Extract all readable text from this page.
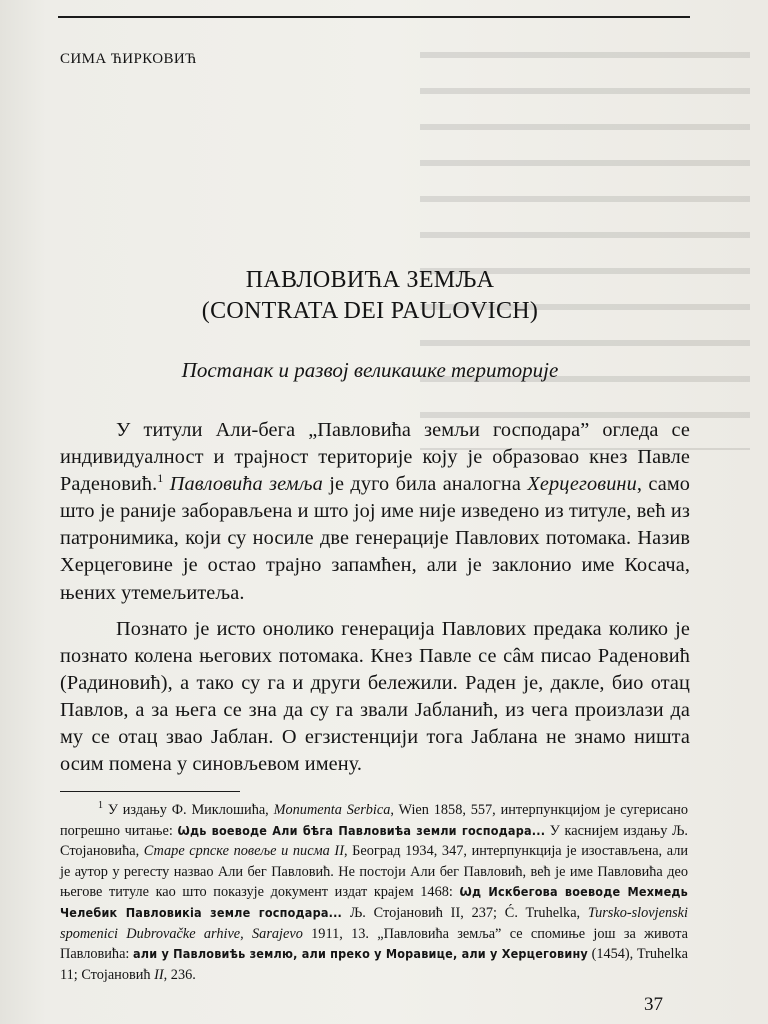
СИМА ЋИРКОВИЋ

ПАВЛОВИЋА ЗЕМЉА
(CONTRATA DEI PAULOVICH)

Постанак и развој великашке територије

У титули Али-бега „Павловића земљи господара” огледа се индивидуалност и трајност територије коју је образовао кнез Павле Раденовић.$^1$ Павловића земља је дуго била аналогна Херцеговини, само што је раније заборављена и што јој име није изведено из титуле, већ из патронимика, који су носиле две генерације Павлових потомака. Назив Херцеговине је остао трајно запамћен, али је заклонио име Косача, њених утемељитеља.

Познато је исто онолико генерација Павлових предака колико је познато колена његових потомака. Кнез Павле се сâм писао Раденовић (Радиновић), а тако су га и други бележили. Раден је, дакле, био отац Павлов, а за њега се зна да су га звали Јабланић, из чега произлази да му се отац звао Јаблан. О егзистенцији тога Јаблана не знамо ништа осим помена у синовљевом имену.

$^1$ У издању Ф. Миклошића, Monumenta Serbica, Wien 1858, 557, интерпункцијом је сугерисано погрешно читање: Ѡдь воеводе Али бѣга Павловиѣа земли господара... У каснијем издању Љ. Стојановића, Старе српске повеље и писма II, Београд 1934, 347, интерпункција је изостављена, али је аутор у регесту назвао Али бег Павловић. Не постоји Али бег Павловић, већ је име Павловића део његове титуле као што показује документ издат крајем 1468: Ѡд Искбегова воеводе Мехмедь Челебик Павловикіа земле господара... Љ. Стојановић II, 237; Ć. Truhelka, Tursko-slovjenski spomenici Dubrovačke arhive, Sarajevo 1911, 13. „Павловића земља” се спомиње још за живота Павловића: али у Павловиѣь землю, али преко у Моравице, али у Херцеговину (1454), Truhelka 11; Стојановић II, 236.

37
